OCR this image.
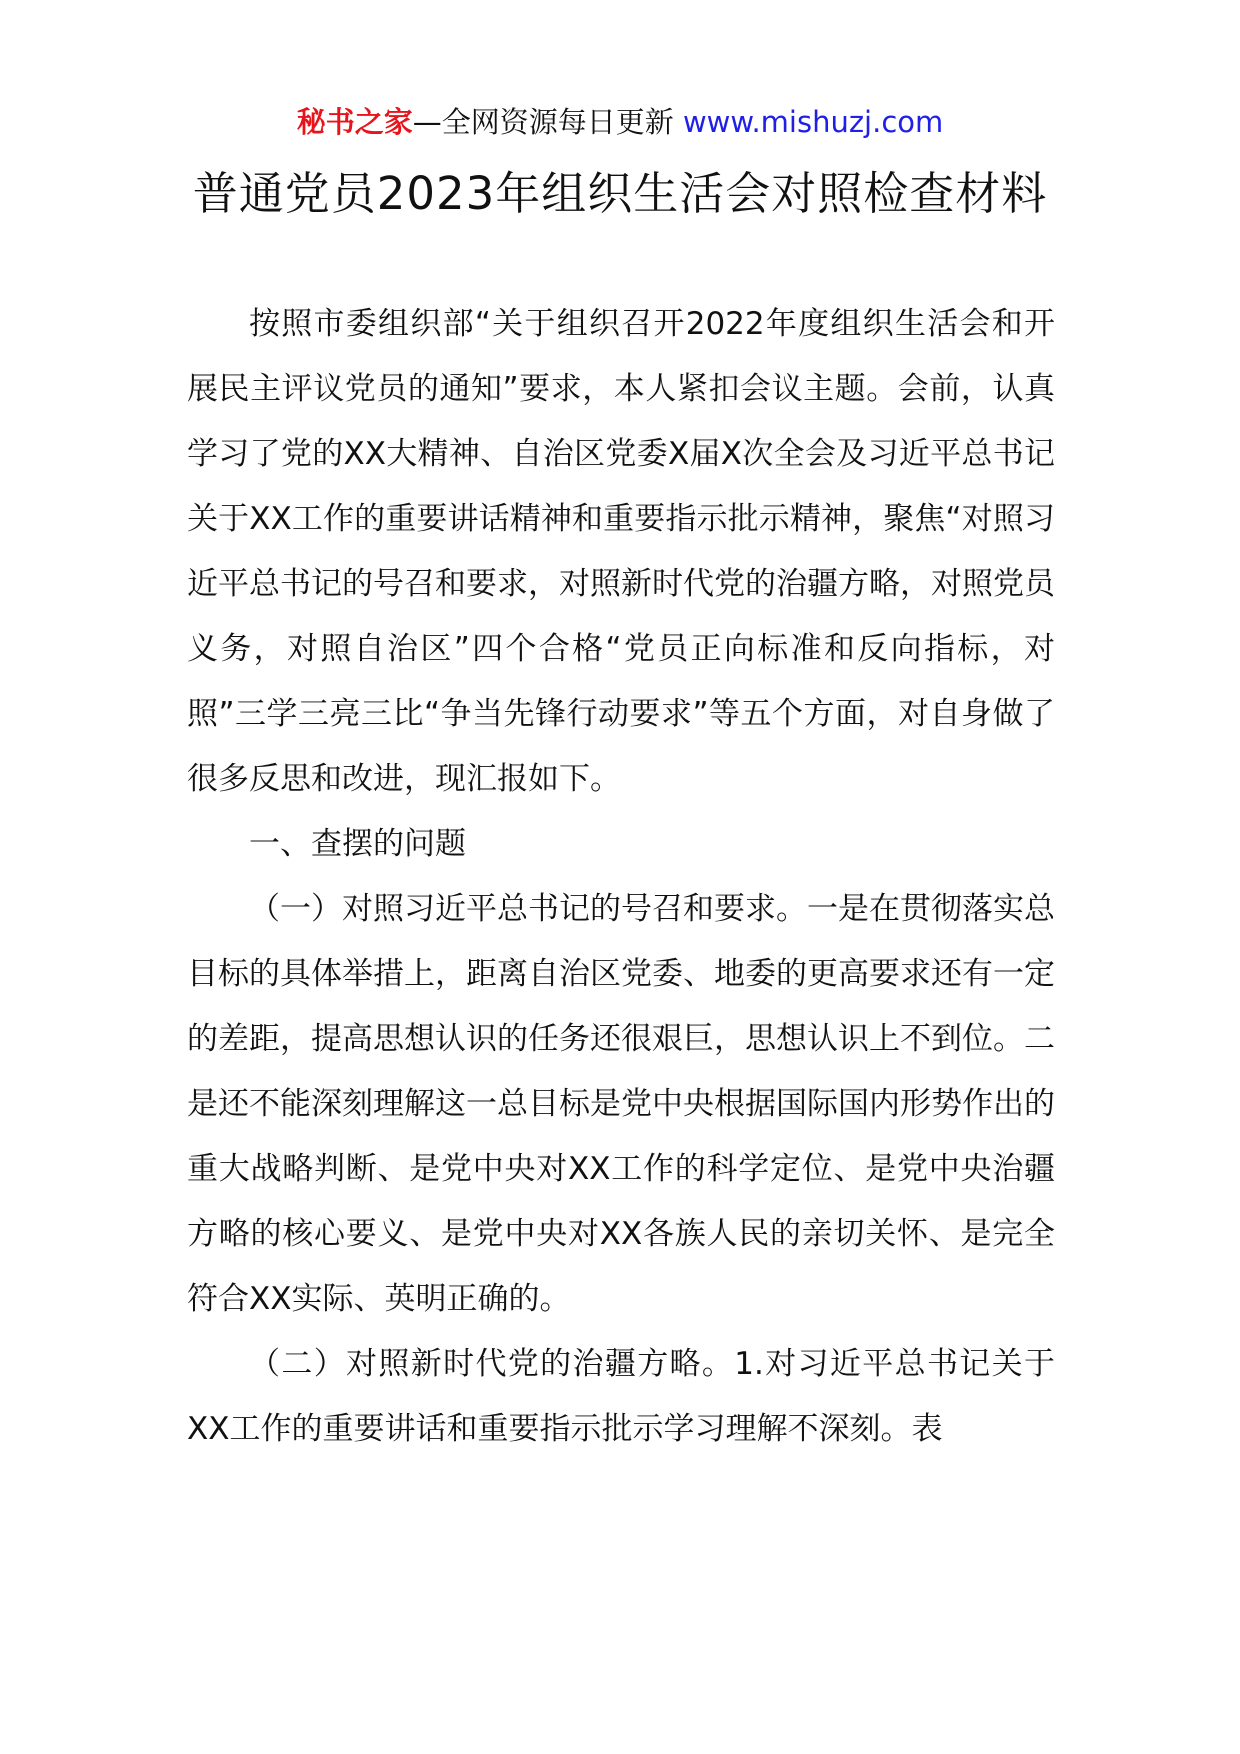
秘书之家—全网资源每日更新 www.mishuzj.com
普通党员2023年组织生活会对照检查材料

按照市委组织部“关于组织召开2022年度组织生活会和开展民主评议党员的通知”要求，本人紧扣会议主题。会前，认真学习了党的XX大精神、自治区党委X届X次全会及习近平总书记关于XX工作的重要讲话精神和重要指示批示精神，聚焦“对照习近平总书记的号召和要求，对照新时代党的治疆方略，对照党员义务，对照自治区”四个合格“党员正向标准和反向指标，对照”三学三亮三比“争当先锋行动要求”等五个方面，对自身做了很多反思和改进，现汇报如下。

一、查摆的问题

（一）对照习近平总书记的号召和要求。一是在贯彻落实总目标的具体举措上，距离自治区党委、地委的更高要求还有一定的差距，提高思想认识的任务还很艰巨，思想认识上不到位。二是还不能深刻理解这一总目标是党中央根据国际国内形势作出的重大战略判断、是党中央对XX工作的科学定位、是党中央治疆方略的核心要义、是党中央对XX各族人民的亲切关怀、是完全符合XX实际、英明正确的。

（二）对照新时代党的治疆方略。1.对习近平总书记关于XX工作的重要讲话和重要指示批示学习理解不深刻。表
